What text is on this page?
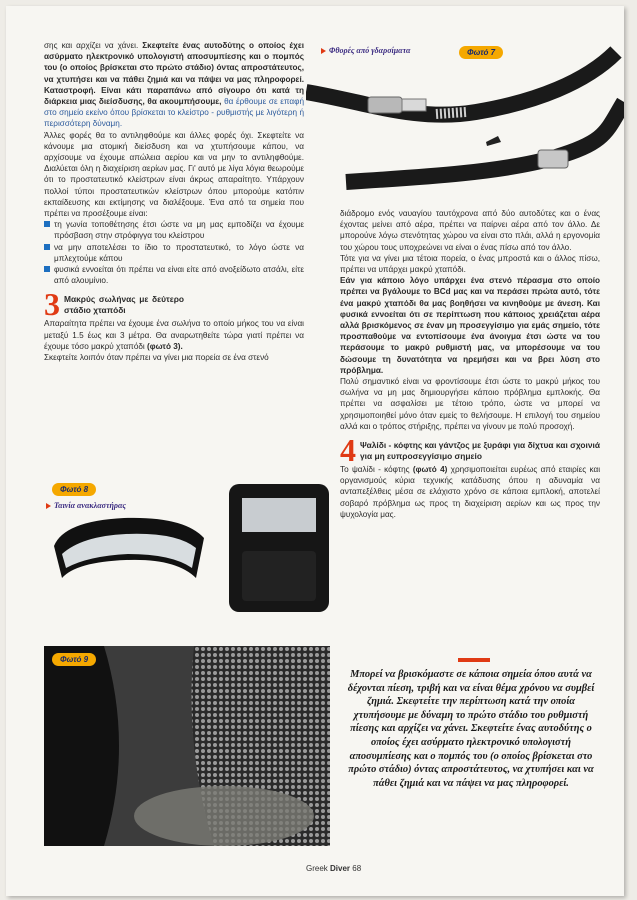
σης και αρχίζει να χάνει. Σκεφτείτε ένας αυτοδύτης ο οποίος έχει ασύρματο ηλεκτρονικό υπολογιστή αποσυμπίεσης και ο πομπός του (ο οποίος βρίσκεται στο πρώτο στάδιο) όντας απροστάτευτος, να χτυπήσει και να πάθει ζημιά και να πάψει να μας πληροφορεί. Καταστροφή. Είναι κάτι παραπάνω από σίγουρο ότι κατά τη διάρκεια μιας διείσδυσης, θα ακουμπήσουμε, θα έρθουμε σε επαφή στο σημείο εκείνο όπου βρίσκεται το κλείστρο - ρυθμιστής με λιγότερη ή περισσότερη δύναμη.

Άλλες φορές θα το αντιληφθούμε και άλλες φορές όχι. Σκεφτείτε να κάνουμε μια ατομική διείσδυση και να χτυπήσουμε κάπου, να αρχίσουμε να έχουμε απώλεια αερίου και να μην το αντιληφθούμε. Διαλύεται όλη η διαχείριση αερίων μας. Γι' αυτό με λίγα λόγια θεωρούμε ότι το προστατευτικό κλείστρων είναι άκρως απαραίτητο. Υπάρχουν πολλοί τύποι προστατευτικών κλείστρων όπου μπορούμε κατόπιν εκπαίδευσης και εκτίμησης να διαλέξουμε. Ένα από τα σημεία που πρέπει να προσέξουμε είναι:

τη γωνία τοποθέτησης έτσι ώστε να μη μας εμποδίζει να έχουμε πρόσβαση στην στρόφιγγα του κλείστρου
να μην αποτελέσει το ίδιο το προστατευτικό, το λόγο ώστε να μπλεχτούμε κάπου
φυσικά εννοείται ότι πρέπει να είναι είτε από ανοξείδωτο ατσάλι, είτε από αλουμίνιο.
3 Μακρύς σωλήνας με δεύτερο στάδιο χταπόδι

Απαραίτητα πρέπει να έχουμε ένα σωλήνα το οποίο μήκος του να είναι μεταξύ 1.5 έως και 3 μέτρα. Θα αναρωτηθείτε τώρα γιατί πρέπει να έχουμε τόσο μακρύ χταπόδι (φωτό 3).

Σκεφτείτε λοιπόν όταν πρέπει να γίνει μια πορεία σε ένα στενό

Φωτό 7
Φθορές από γδαρσίματα

διάδρομο ενός ναυαγίου ταυτόχρονα από δύο αυτοδύτες και ο ένας έχοντας μείνει από αέρα, πρέπει να παίρνει αέρα από τον άλλο. Δε μπορούνε λόγω στενότητας χώρου να είναι στο πλάι, αλλά η εργονομία του χώρου τους υποχρεώνει να είναι ο ένας πίσω από τον άλλο.

Τότε για να γίνει μια τέτοια πορεία, ο ένας μπροστά και ο άλλος πίσω, πρέπει να υπάρχει μακρύ χταπόδι.

Εάν για κάποιο λόγο υπάρχει ένα στενό πέρασμα στο οποίο πρέπει να βγάλουμε το BCd μας και να περάσει πρώτα αυτό, τότε ένα μακρύ χταπόδι θα μας βοηθήσει να κινηθούμε με άνεση. Και φυσικά εννοείται ότι σε περίπτωση που κάποιος χρειάζεται αέρα αλλά βρισκόμενος σε έναν μη προσεγγίσιμο για εμάς σημείο, τότε προσπαθούμε να εντοπίσουμε ένα άνοιγμα έτσι ώστε να του περάσουμε το μακρύ ρυθμιστή μας, να μπορέσουμε να του δώσουμε τη δυνατότητα να ηρεμήσει και να βρει λύση στο πρόβλημα.

Πολύ σημαντικό είναι να φροντίσουμε έτσι ώστε το μακρύ μήκος του σωλήνα να μη μας δημιουργήσει κάποιο πρόβλημα εμπλοκής. Θα πρέπει να ασφαλίσει με τέτοιο τρόπο, ώστε να μπορεί να χρησιμοποιηθεί μόνο όταν εμείς το θελήσουμε. Η επιλογή του σημείου αλλά και ο τρόπος στήριξης, πρέπει να γίνουν με πολύ προσοχή.

4 Ψαλίδι - κόφτης και γάντζος με ξυράφι για δίχτυα και σχοινιά για μη ευπροσεγγίσιμο σημείο

Το ψαλίδι - κόφτης (φωτό 4) χρησιμοποιείται ευρέως από εταιρίες και οργανισμούς κύρια τεχνικής κατάδυσης όπου η αδυναμία να ανταπεξέλθεις μέσα σε ελάχιστο χρόνο σε κάποια εμπλοκή, αποτελεί σοβαρό πρόβλημα ως προς τη διαχείριση αερίων και ως προς την ψυχολογία μας.

Φωτό 8
Ταινία ανακλαστήρας
Φωτό 9
Μπορεί να βρισκόμαστε σε κάποια σημεία όπου αυτά να δέχονται πίεση, τριβή και να είναι θέμα χρόνου να συμβεί ζημιά. Σκεφτείτε την περίπτωση κατά την οποία χτυπήσουμε με δύναμη το πρώτο στάδιο του ρυθμιστή πίεσης και αρχίζει να χάνει. Σκεφτείτε ένας αυτοδύτης ο οποίος έχει ασύρματο ηλεκτρονικό υπολογιστή αποσυμπίεσης και ο πομπός του (ο οποίος βρίσκεται στο πρώτο στάδιο) όντας απροστάτευτος, να χτυπήσει και να πάθει ζημιά και να πάψει να μας πληροφορεί.
Greek Diver 68
